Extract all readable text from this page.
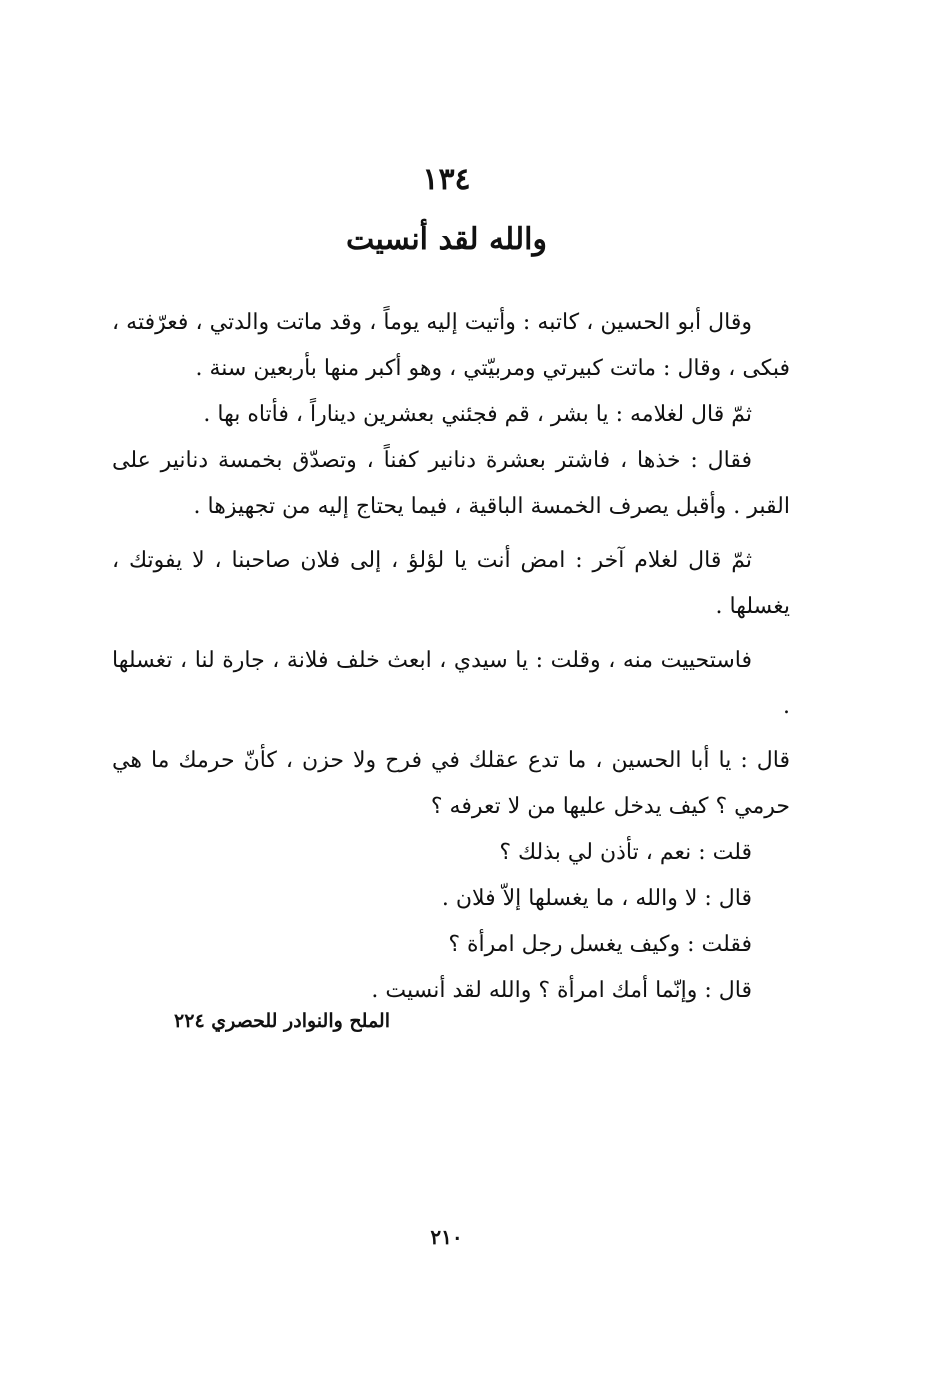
١٣٤
والله لقد أنسيت

وقال أبو الحسين ، كاتبه : وأتيت إليه يوماً ، وقد ماتت والدتي ، فعرّفته ، فبكى ، وقال : ماتت كبيرتي ومربيّتي ، وهو أكبر منها بأربعين سنة .

ثمّ قال لغلامه : يا بشر ، قم فجئني بعشرين ديناراً ، فأتاه بها .

فقال : خذها ، فاشتر بعشرة دنانير كفناً ، وتصدّق بخمسة دنانير على القبر . وأقبل يصرف الخمسة الباقية ، فيما يحتاج إليه من تجهيزها .

ثمّ قال لغلام آخر : امض أنت يا لؤلؤ ، إلى فلان صاحبنا ، لا يفوتك ، يغسلها .

فاستحييت منه ، وقلت : يا سيدي ، ابعث خلف فلانة ، جارة لنا ، تغسلها .

قال : يا أبا الحسين ، ما تدع عقلك في فرح ولا حزن ، كأنّ حرمك ما هي حرمي ؟ كيف يدخل عليها من لا تعرفه ؟

قلت : نعم ، تأذن لي بذلك ؟

قال : لا والله ، ما يغسلها إلاّ فلان .

فقلت : وكيف يغسل رجل امرأة ؟

قال : وإنّما أمك امرأة ؟ والله لقد أنسيت .

الملح والنوادر للحصري ٢٢٤
٢١٠
